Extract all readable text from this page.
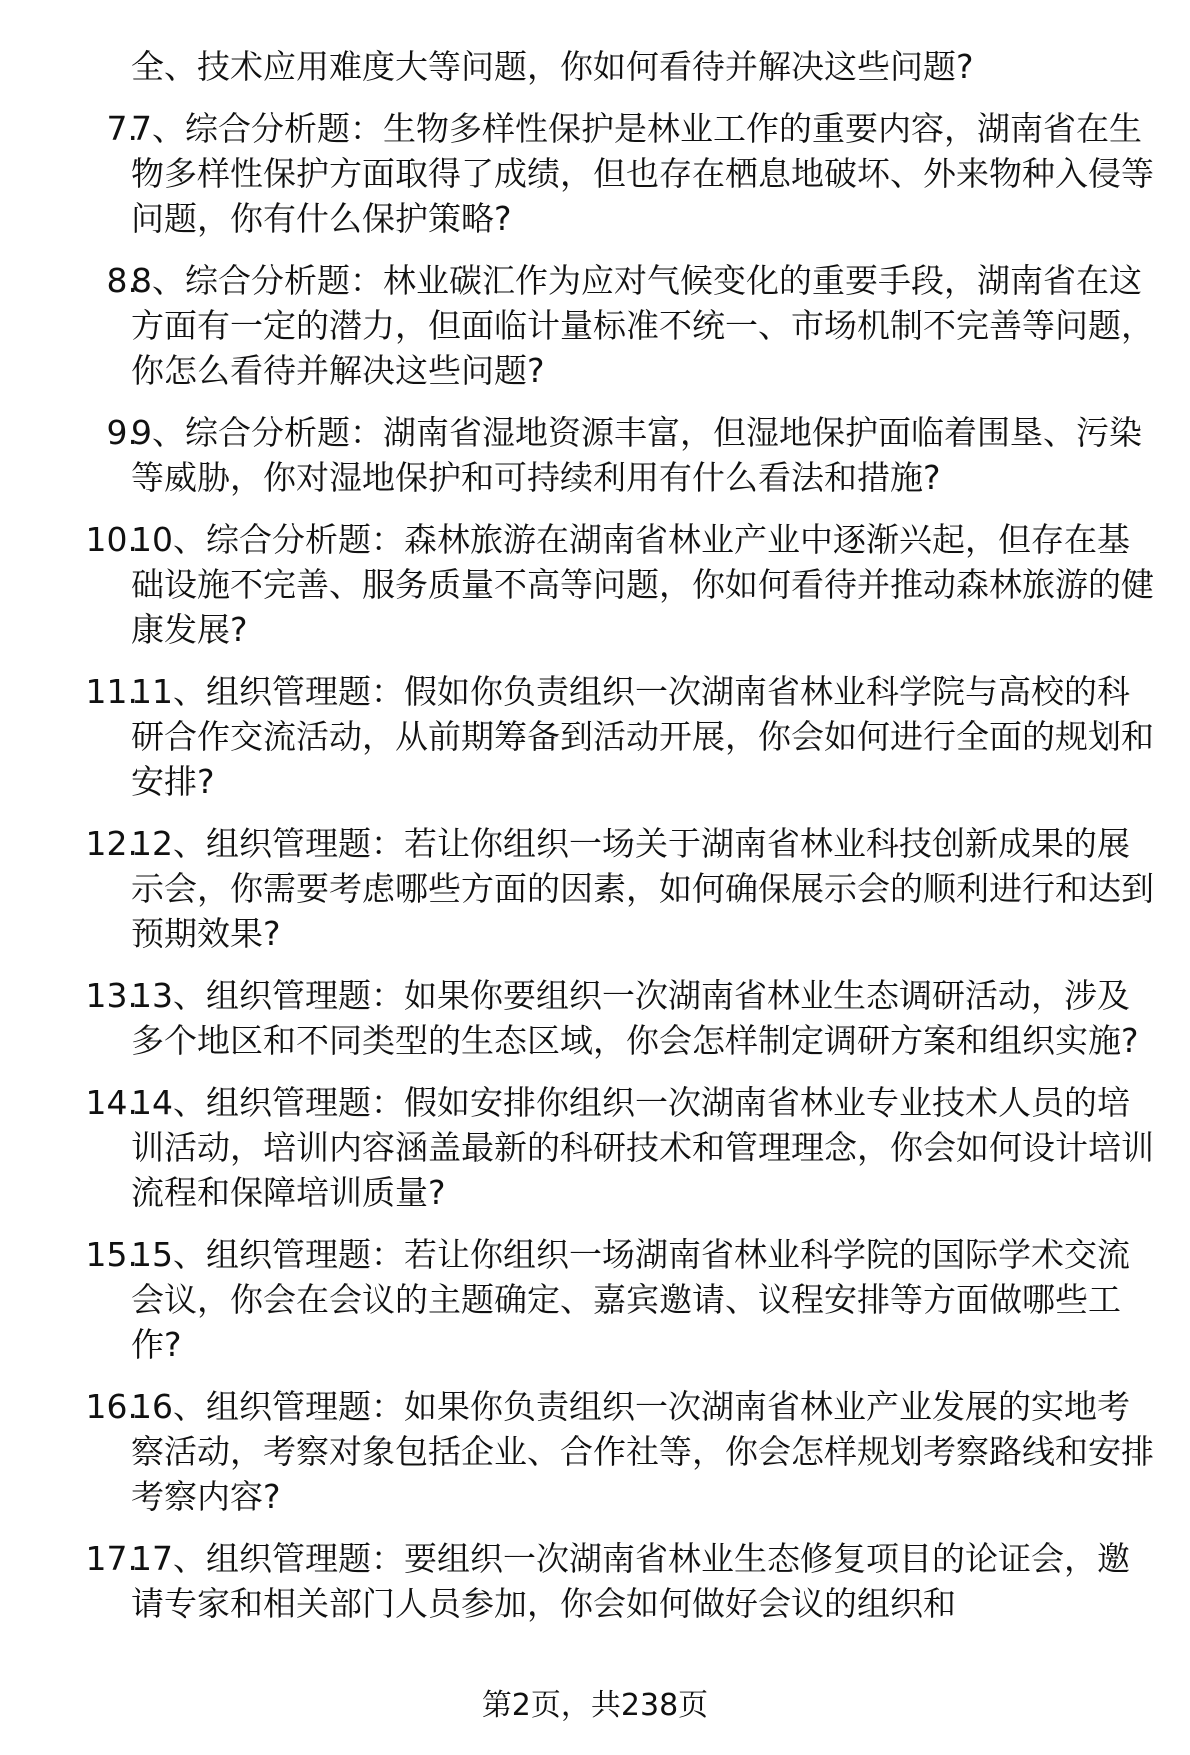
全、技术应用难度大等问题，你如何看待并解决这些问题?
7.
7、综合分析题：生物多样性保护是林业工作的重要内容，湖南省在生物多样性保护方面取得了成绩，但也存在栖息地破坏、外来物种入侵等问题，你有什么保护策略?
8.
8、综合分析题：林业碳汇作为应对气候变化的重要手段，湖南省在这方面有一定的潜力，但面临计量标准不统一、市场机制不完善等问题，你怎么看待并解决这些问题?
9.
9、综合分析题：湖南省湿地资源丰富，但湿地保护面临着围垦、污染等威胁，你对湿地保护和可持续利用有什么看法和措施?
10.
10、综合分析题：森林旅游在湖南省林业产业中逐渐兴起，但存在基础设施不完善、服务质量不高等问题，你如何看待并推动森林旅游的健康发展?
11.
11、组织管理题：假如你负责组织一次湖南省林业科学院与高校的科研合作交流活动，从前期筹备到活动开展，你会如何进行全面的规划和安排?
12.
12、组织管理题：若让你组织一场关于湖南省林业科技创新成果的展示会，你需要考虑哪些方面的因素，如何确保展示会的顺利进行和达到预期效果?
13.
13、组织管理题：如果你要组织一次湖南省林业生态调研活动，涉及多个地区和不同类型的生态区域，你会怎样制定调研方案和组织实施?
14.
14、组织管理题：假如安排你组织一次湖南省林业专业技术人员的培训活动，培训内容涵盖最新的科研技术和管理理念，你会如何设计培训流程和保障培训质量?
15.
15、组织管理题：若让你组织一场湖南省林业科学院的国际学术交流会议，你会在会议的主题确定、嘉宾邀请、议程安排等方面做哪些工作?
16.
16、组织管理题：如果你负责组织一次湖南省林业产业发展的实地考察活动，考察对象包括企业、合作社等，你会怎样规划考察路线和安排考察内容?
17.
17、组织管理题：要组织一次湖南省林业生态修复项目的论证会，邀请专家和相关部门人员参加，你会如何做好会议的组织和
第2页，共238页
